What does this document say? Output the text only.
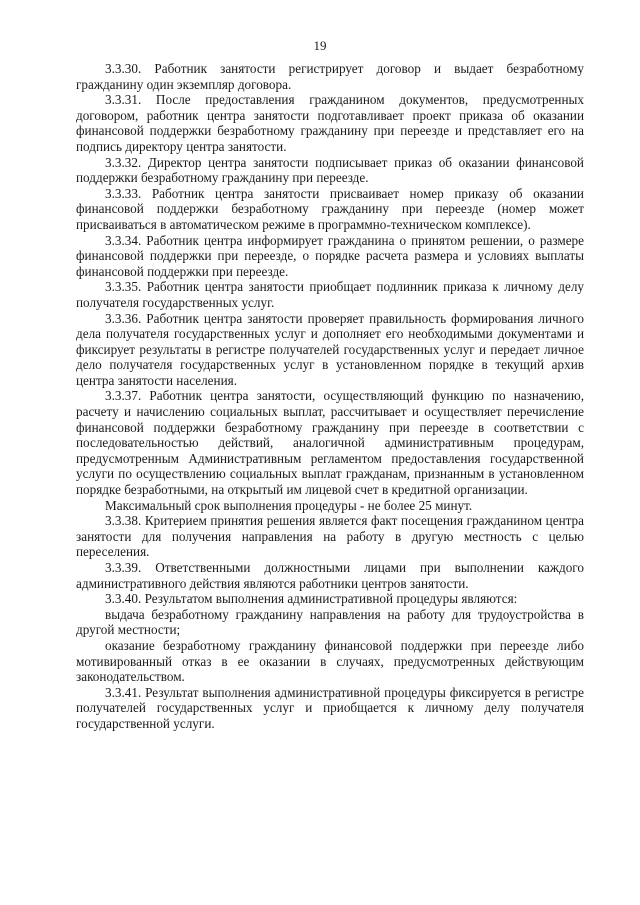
19

3.3.30. Работник занятости регистрирует договор и выдает безработному гражданину один экземпляр договора.

3.3.31. После предоставления гражданином документов, предусмотренных договором, работник центра занятости подготавливает проект приказа об оказании финансовой поддержки безработному гражданину при переезде и представляет его на подпись директору центра занятости.

3.3.32. Директор центра занятости подписывает приказ об оказании финансовой поддержки безработному гражданину при переезде.

3.3.33. Работник центра занятости присваивает номер приказу об оказании финансовой поддержки безработному гражданину при переезде (номер может присваиваться в автоматическом режиме в программно-техническом комплексе).

3.3.34. Работник центра информирует гражданина о принятом решении, о размере финансовой поддержки при переезде, о порядке расчета размера и условиях выплаты финансовой поддержки при переезде.

3.3.35. Работник центра занятости приобщает подлинник приказа к личному делу получателя государственных услуг.

3.3.36. Работник центра занятости проверяет правильность формирования личного дела получателя государственных услуг и дополняет его необходимыми документами и фиксирует результаты в регистре получателей государственных услуг и передает личное дело получателя государственных услуг в установленном порядке в текущий архив центра занятости населения.

3.3.37. Работник центра занятости, осуществляющий функцию по назначению, расчету и начислению социальных выплат, рассчитывает и осуществляет перечисление финансовой поддержки безработному гражданину при переезде в соответствии с последовательностью действий, аналогичной административным процедурам, предусмотренным Административным регламентом предоставления государственной услуги по осуществлению социальных выплат гражданам, признанным в установленном порядке безработными, на открытый им лицевой счет в кредитной организации.

Максимальный срок выполнения процедуры - не более 25 минут.

3.3.38. Критерием принятия решения является факт посещения гражданином центра занятости для получения направления на работу в другую местность с целью переселения.

3.3.39. Ответственными должностными лицами при выполнении каждого административного действия являются работники центров занятости.

3.3.40. Результатом выполнения административной процедуры являются:

выдача безработному гражданину направления на работу для трудоустройства в другой местности;

оказание безработному гражданину финансовой поддержки при переезде либо мотивированный отказ в ее оказании в случаях, предусмотренных действующим законодательством.

3.3.41. Результат выполнения административной процедуры фиксируется в регистре получателей государственных услуг и приобщается к личному делу получателя государственной услуги.
